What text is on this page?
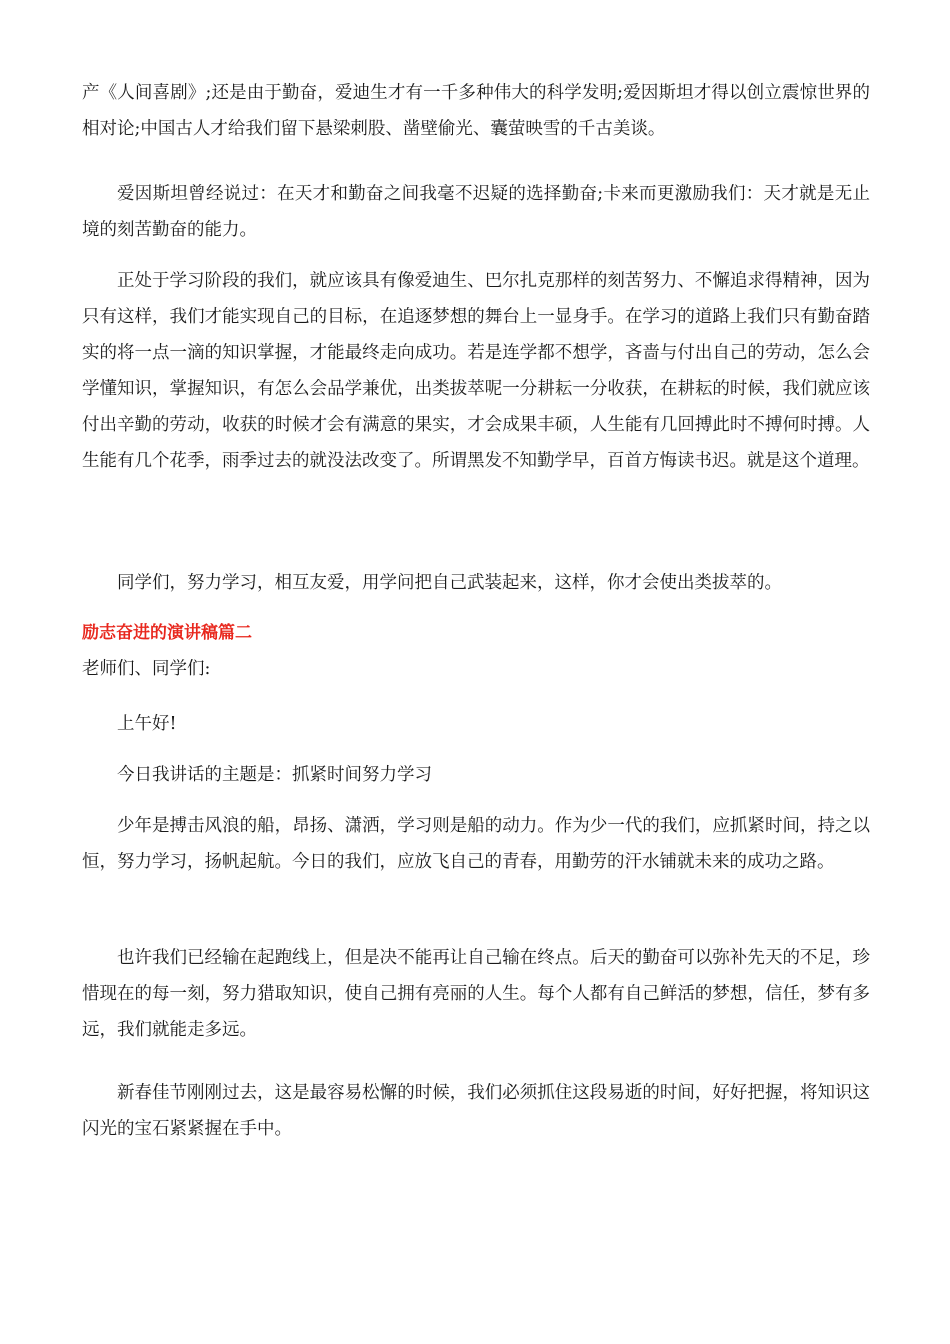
产《人间喜剧》;还是由于勤奋，爱迪生才有一千多种伟大的科学发明;爱因斯坦才得以创立震惊世界的相对论;中国古人才给我们留下悬梁刺股、凿壁偷光、囊萤映雪的千古美谈。

爱因斯坦曾经说过：在天才和勤奋之间我毫不迟疑的选择勤奋;卡来而更激励我们：天才就是无止境的刻苦勤奋的能力。

正处于学习阶段的我们，就应该具有像爱迪生、巴尔扎克那样的刻苦努力、不懈追求得精神，因为只有这样，我们才能实现自己的目标，在追逐梦想的舞台上一显身手。在学习的道路上我们只有勤奋踏实的将一点一滴的知识掌握，才能最终走向成功。若是连学都不想学，吝啬与付出自己的劳动，怎么会学懂知识，掌握知识，有怎么会品学兼优，出类拔萃呢一分耕耘一分收获，在耕耘的时候，我们就应该付出辛勤的劳动，收获的时候才会有满意的果实，才会成果丰硕，人生能有几回搏此时不搏何时搏。人生能有几个花季，雨季过去的就没法改变了。所谓黑发不知勤学早，百首方悔读书迟。就是这个道理。

同学们，努力学习，相互友爱，用学问把自己武装起来，这样，你才会使出类拔萃的。

励志奋进的演讲稿篇二

老师们、同学们:

上午好!

今日我讲话的主题是：抓紧时间努力学习

少年是搏击风浪的船，昂扬、潇洒，学习则是船的动力。作为少一代的我们，应抓紧时间，持之以恒，努力学习，扬帆起航。今日的我们，应放飞自己的青春，用勤劳的汗水铺就未来的成功之路。

也许我们已经输在起跑线上，但是决不能再让自己输在终点。后天的勤奋可以弥补先天的不足，珍惜现在的每一刻，努力猎取知识，使自己拥有亮丽的人生。每个人都有自己鲜活的梦想，信任，梦有多远，我们就能走多远。

新春佳节刚刚过去，这是最容易松懈的时候，我们必须抓住这段易逝的时间，好好把握，将知识这闪光的宝石紧紧握在手中。
